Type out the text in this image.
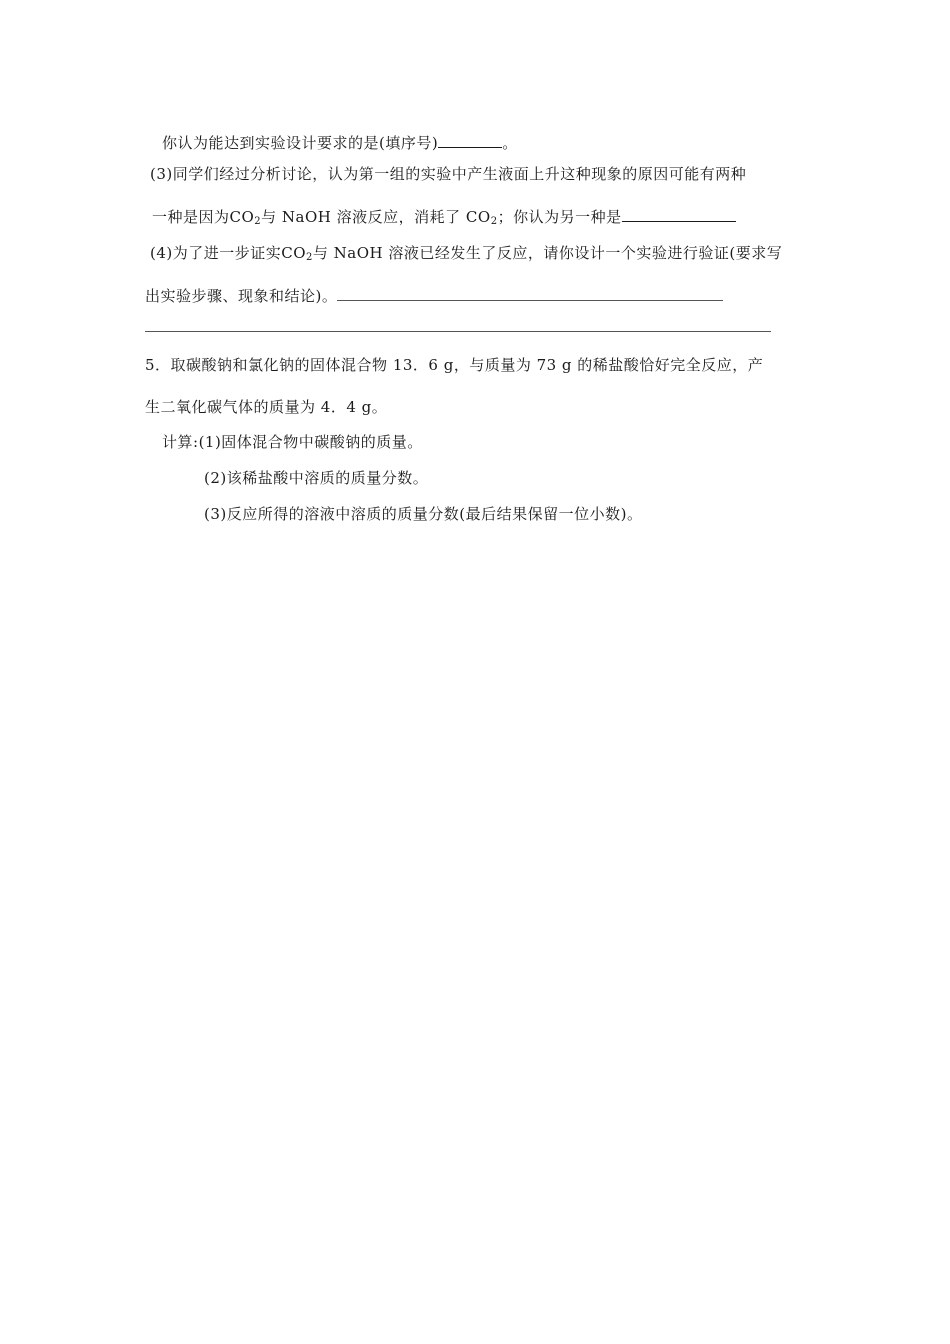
你认为能达到实验设计要求的是(填序号)	。
(3)同学们经过分析讨论，认为第一组的实验中产生液面上升这种现象的原因可能有两种
一种是因为$CO_2$与 NaOH 溶液反应，消耗了 $CO_2$；你认为另一种是
(4)为了进一步证实$CO_2$与 NaOH 溶液已经发生了反应，请你设计一个实验进行验证(要求写
出实验步骤、现象和结论)。
5．取碳酸钠和氯化钠的固体混合物 13．6 g，与质量为 73 g 的稀盐酸恰好完全反应，产
生二氧化碳气体的质量为 4．4 g。
计算:(1)固体混合物中碳酸钠的质量。
(2)该稀盐酸中溶质的质量分数。
(3)反应所得的溶液中溶质的质量分数(最后结果保留一位小数)。
